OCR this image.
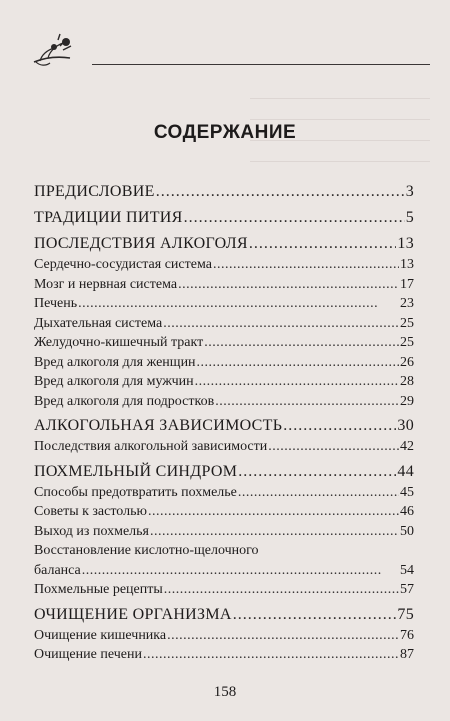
СОДЕРЖАНИЕ
ПРЕДИСЛОВИЕ . . .	3
ТРАДИЦИИ ПИТИЯ . . .	5
ПОСЛЕДСТВИЯ АЛКОГОЛЯ . . .	13
Сердечно-сосудистая система . . .	13
Мозг и нервная система . . .	17
Печень . . .	23
Дыхательная система . . .	25
Желудочно-кишечный тракт . . .	25
Вред алкоголя для женщин . . .	26
Вред алкоголя для мужчин . . .	28
Вред алкоголя для подростков . . .	29
АЛКОГОЛЬНАЯ ЗАВИСИМОСТЬ . . .	30
Последствия алкогольной зависимости . . .	42
ПОХМЕЛЬНЫЙ СИНДРОМ . . .	44
Способы предотвратить похмелье . . .	45
Советы к застолью . . .	46
Выход из похмелья . . .	50
Восстановление кислотно-щелочного
баланса . . .	54
Похмельные рецепты . . .	57
ОЧИЩЕНИЕ ОРГАНИЗМА . . .	75
Очищение кишечника . . .	76
Очищение печени . . .	87
158
